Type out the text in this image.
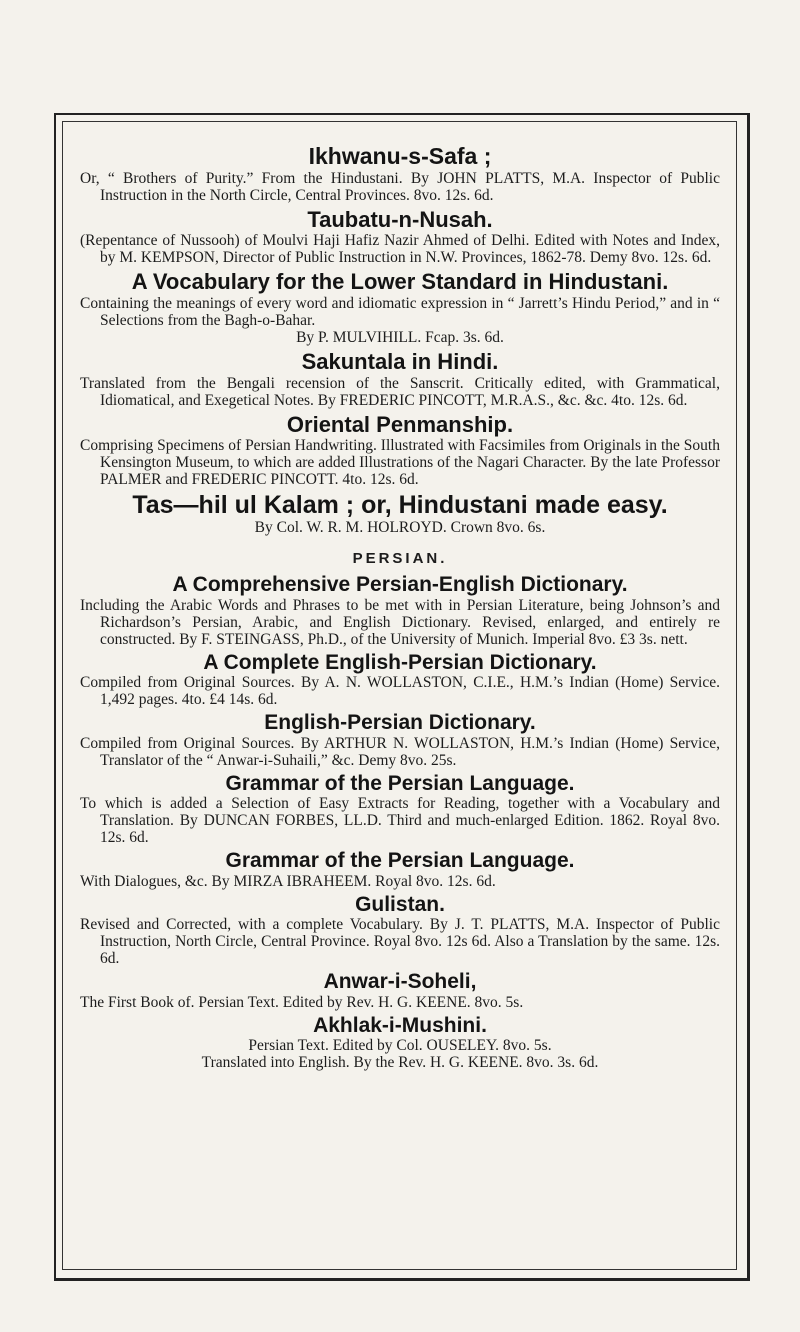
Ikhwanu-s-Safa ;

Or, “ Brothers of Purity.” From the Hindustani. By JOHN PLATTS, M.A. Inspector of Public Instruction in the North Circle, Central Provinces. 8vo. 12s. 6d.

Taubatu-n-Nusah.

(Repentance of Nussooh) of Moulvi Haji Hafiz Nazir Ahmed of Delhi. Edited with Notes and Index, by M. KEMPSON, Director of Public Instruction in N.W. Provinces, 1862-78. Demy 8vo. 12s. 6d.

A Vocabulary for the Lower Standard in Hindustani.

Containing the meanings of every word and idiomatic expression in “ Jarrett’s Hindu Period,” and in “ Selections from the Bagh-o-Bahar.

By P. MULVIHILL. Fcap. 3s. 6d.

Sakuntala in Hindi.

Translated from the Bengali recension of the Sanscrit. Critically edited, with Grammatical, Idiomatical, and Exegetical Notes. By FREDERIC PINCOTT, M.R.A.S., &c. &c. 4to. 12s. 6d.

Oriental Penmanship.

Comprising Specimens of Persian Handwriting. Illustrated with Facsimiles from Originals in the South Kensington Museum, to which are added Illustrations of the Nagari Character. By the late Professor PALMER and FREDERIC PINCOTT. 4to. 12s. 6d.

Tas—hil ul Kalam ; or, Hindustani made easy.

By Col. W. R. M. HOLROYD. Crown 8vo. 6s.

PERSIAN.

A Comprehensive Persian-English Dictionary.

Including the Arabic Words and Phrases to be met with in Persian Literature, being Johnson’s and Richardson’s Persian, Arabic, and English Dictionary. Revised, enlarged, and entirely re constructed. By F. STEINGASS, Ph.D., of the University of Munich. Imperial 8vo. £3 3s. nett.

A Complete English-Persian Dictionary.

Compiled from Original Sources. By A. N. WOLLASTON, C.I.E., H.M.’s Indian (Home) Service. 1,492 pages. 4to. £4 14s. 6d.

English-Persian Dictionary.

Compiled from Original Sources. By ARTHUR N. WOLLASTON, H.M.’s Indian (Home) Service, Translator of the “ Anwar-i-Suhaili,” &c. Demy 8vo. 25s.

Grammar of the Persian Language.

To which is added a Selection of Easy Extracts for Reading, together with a Vocabulary and Translation. By DUNCAN FORBES, LL.D. Third and much-enlarged Edition. 1862. Royal 8vo. 12s. 6d.

Grammar of the Persian Language.

With Dialogues, &c. By MIRZA IBRAHEEM. Royal 8vo. 12s. 6d.

Gulistan.

Revised and Corrected, with a complete Vocabulary. By J. T. PLATTS, M.A. Inspector of Public Instruction, North Circle, Central Province. Royal 8vo. 12s 6d. Also a Translation by the same. 12s. 6d.

Anwar-i-Soheli,

The First Book of. Persian Text. Edited by Rev. H. G. KEENE. 8vo. 5s.

Akhlak-i-Mushini.

Persian Text. Edited by Col. OUSELEY. 8vo. 5s.

Translated into English. By the Rev. H. G. KEENE. 8vo. 3s. 6d.
